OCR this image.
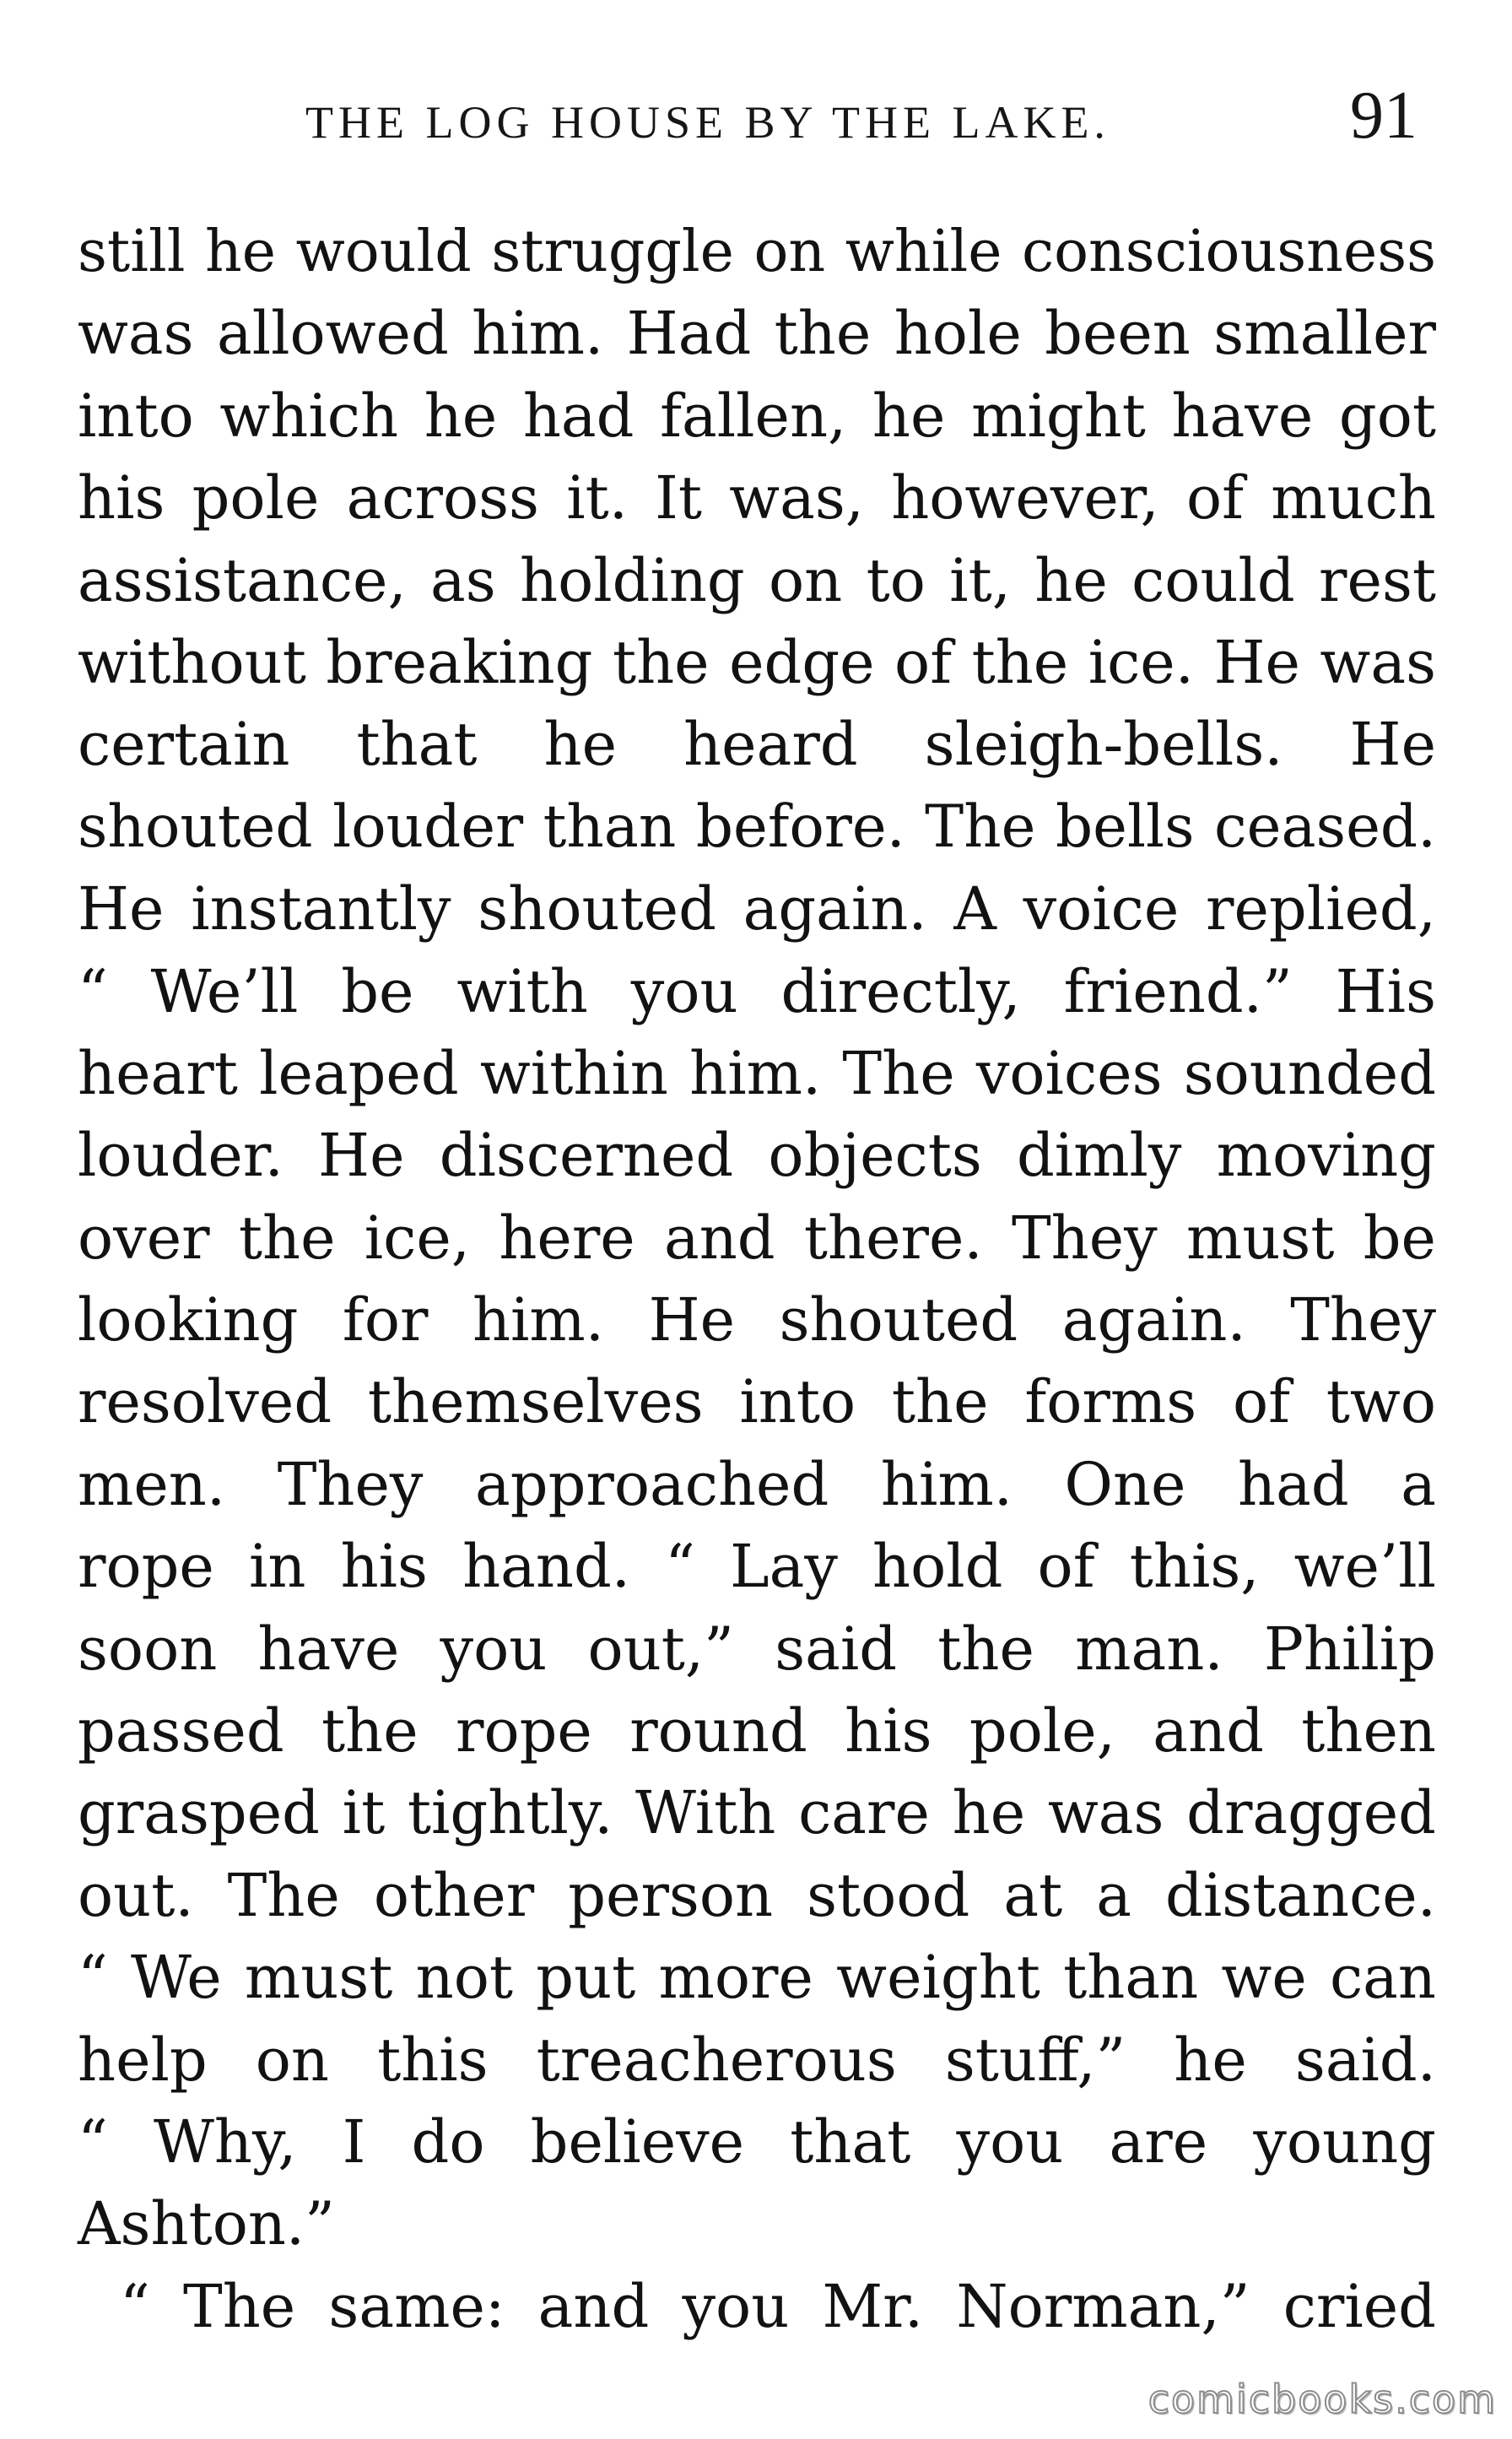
THE LOG HOUSE BY THE LAKE.	91
still he would struggle on while consciousness
was allowed him. Had the hole been smaller
into which he had fallen, he might have got
his pole across it. It was, however, of much
assistance, as holding on to it, he could rest
without breaking the edge of the ice. He was
certain that he heard sleigh-bells. He
shouted louder than before. The bells ceased.
He instantly shouted again. A voice replied,
“ We’ll be with you directly, friend.” His
heart leaped within him. The voices sounded
louder. He discerned objects dimly moving
over the ice, here and there. They must be
looking for him. He shouted again. They
resolved themselves into the forms of two
men. They approached him. One had a
rope in his hand. “ Lay hold of this, we’ll
soon have you out,” said the man. Philip
passed the rope round his pole, and then
grasped it tightly. With care he was dragged
out. The other person stood at a distance.
“ We must not put more weight than we can
help on this treacherous stuff,” he said.
“ Why, I do believe that you are young
Ashton.”
“ The same: and you Mr. Norman,” cried
comicbooks.com
